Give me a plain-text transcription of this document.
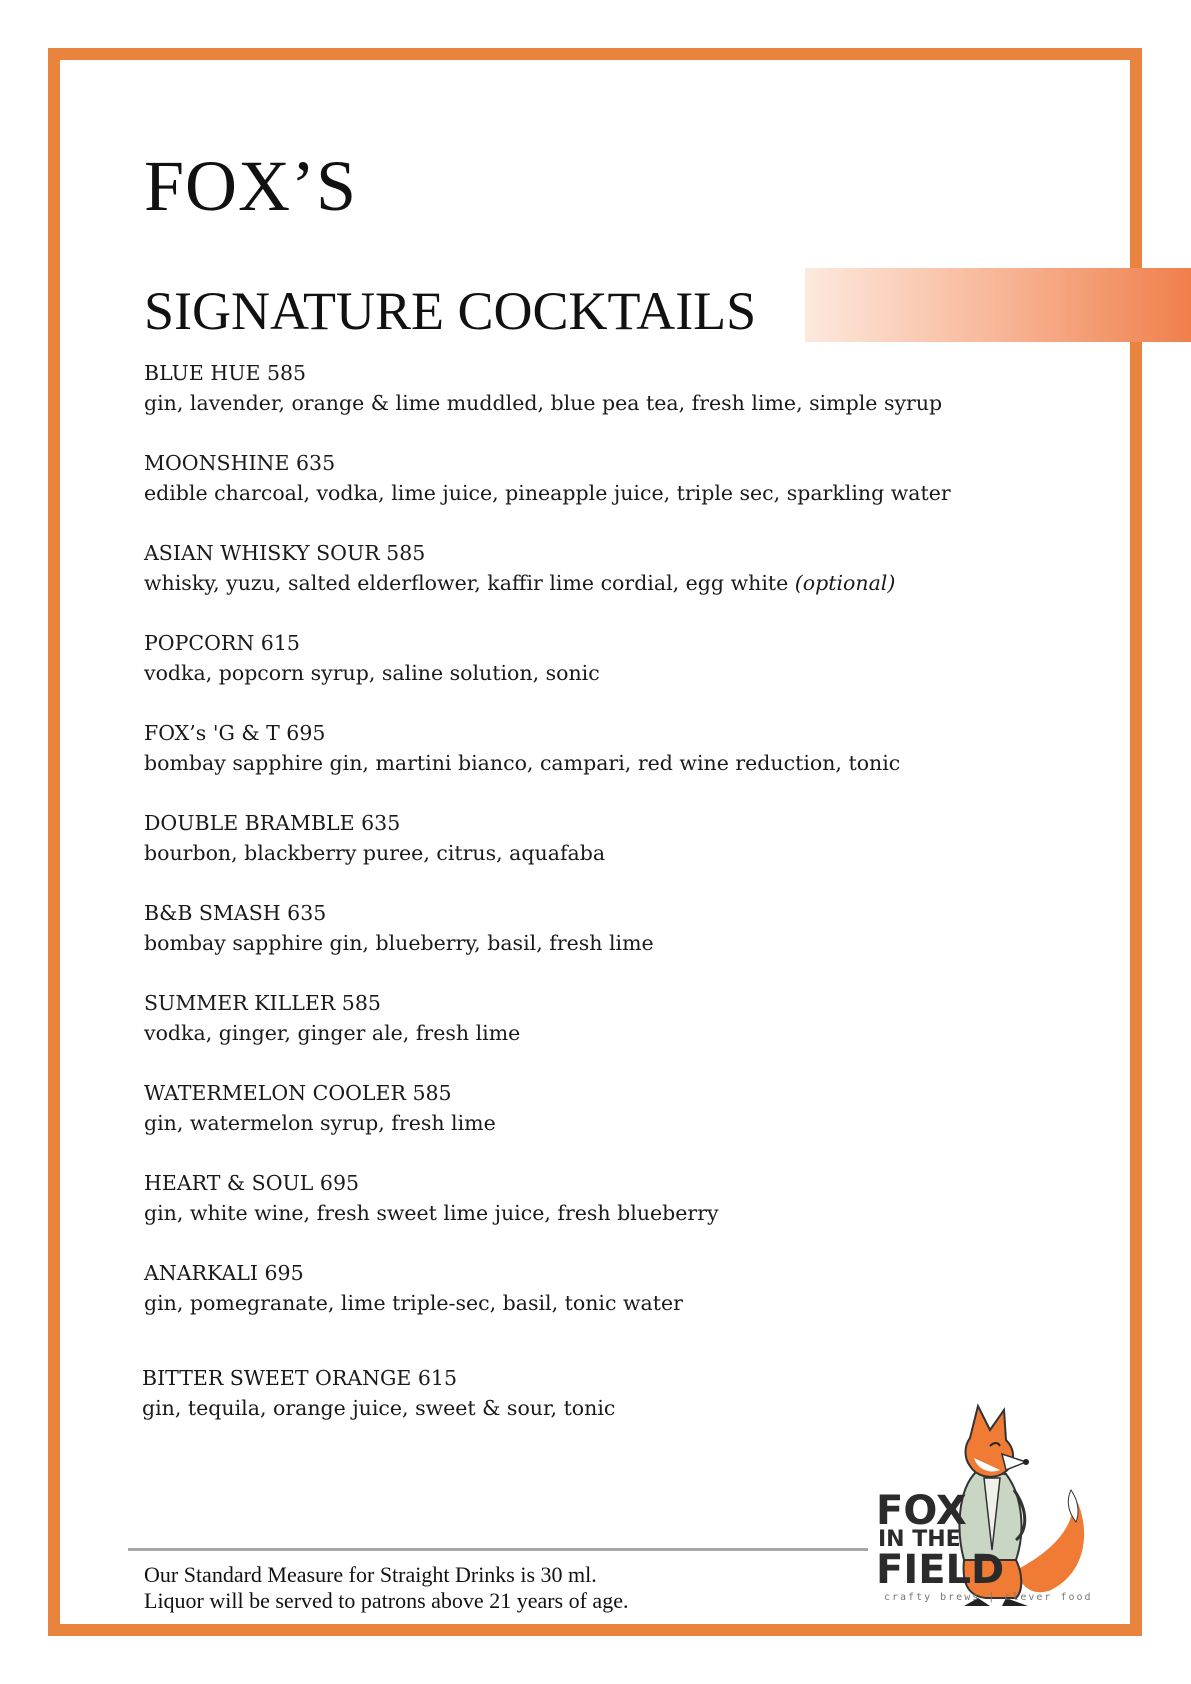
FOX’S
SIGNATURE COCKTAILS
BLUE HUE 585
gin, lavender, orange & lime muddled, blue pea tea, fresh lime, simple syrup
MOONSHINE 635
edible charcoal, vodka, lime juice, pineapple juice, triple sec, sparkling water
ASIAN WHISKY SOUR 585
whisky, yuzu, salted elderflower, kaffir lime cordial, egg white (optional)
POPCORN 615
vodka, popcorn syrup, saline solution, sonic
FOX’s 'G & T 695
bombay sapphire gin, martini bianco, campari, red wine reduction, tonic
DOUBLE BRAMBLE 635
bourbon, blackberry puree, citrus, aquafaba
B&B SMASH 635
bombay sapphire gin, blueberry, basil, fresh lime
SUMMER KILLER 585
vodka, ginger, ginger ale, fresh lime
WATERMELON COOLER 585
gin, watermelon syrup, fresh lime
HEART & SOUL 695
gin, white wine, fresh sweet lime juice, fresh blueberry
ANARKALI 695
gin, pomegranate, lime triple-sec, basil, tonic water
BITTER SWEET ORANGE 615
gin, tequila, orange juice, sweet & sour, tonic
Our Standard Measure for Straight Drinks is 30 ml.
Liquor will be served to patrons above 21 years of age.
FOX
IN THE
FIELD
crafty brews | clever food
